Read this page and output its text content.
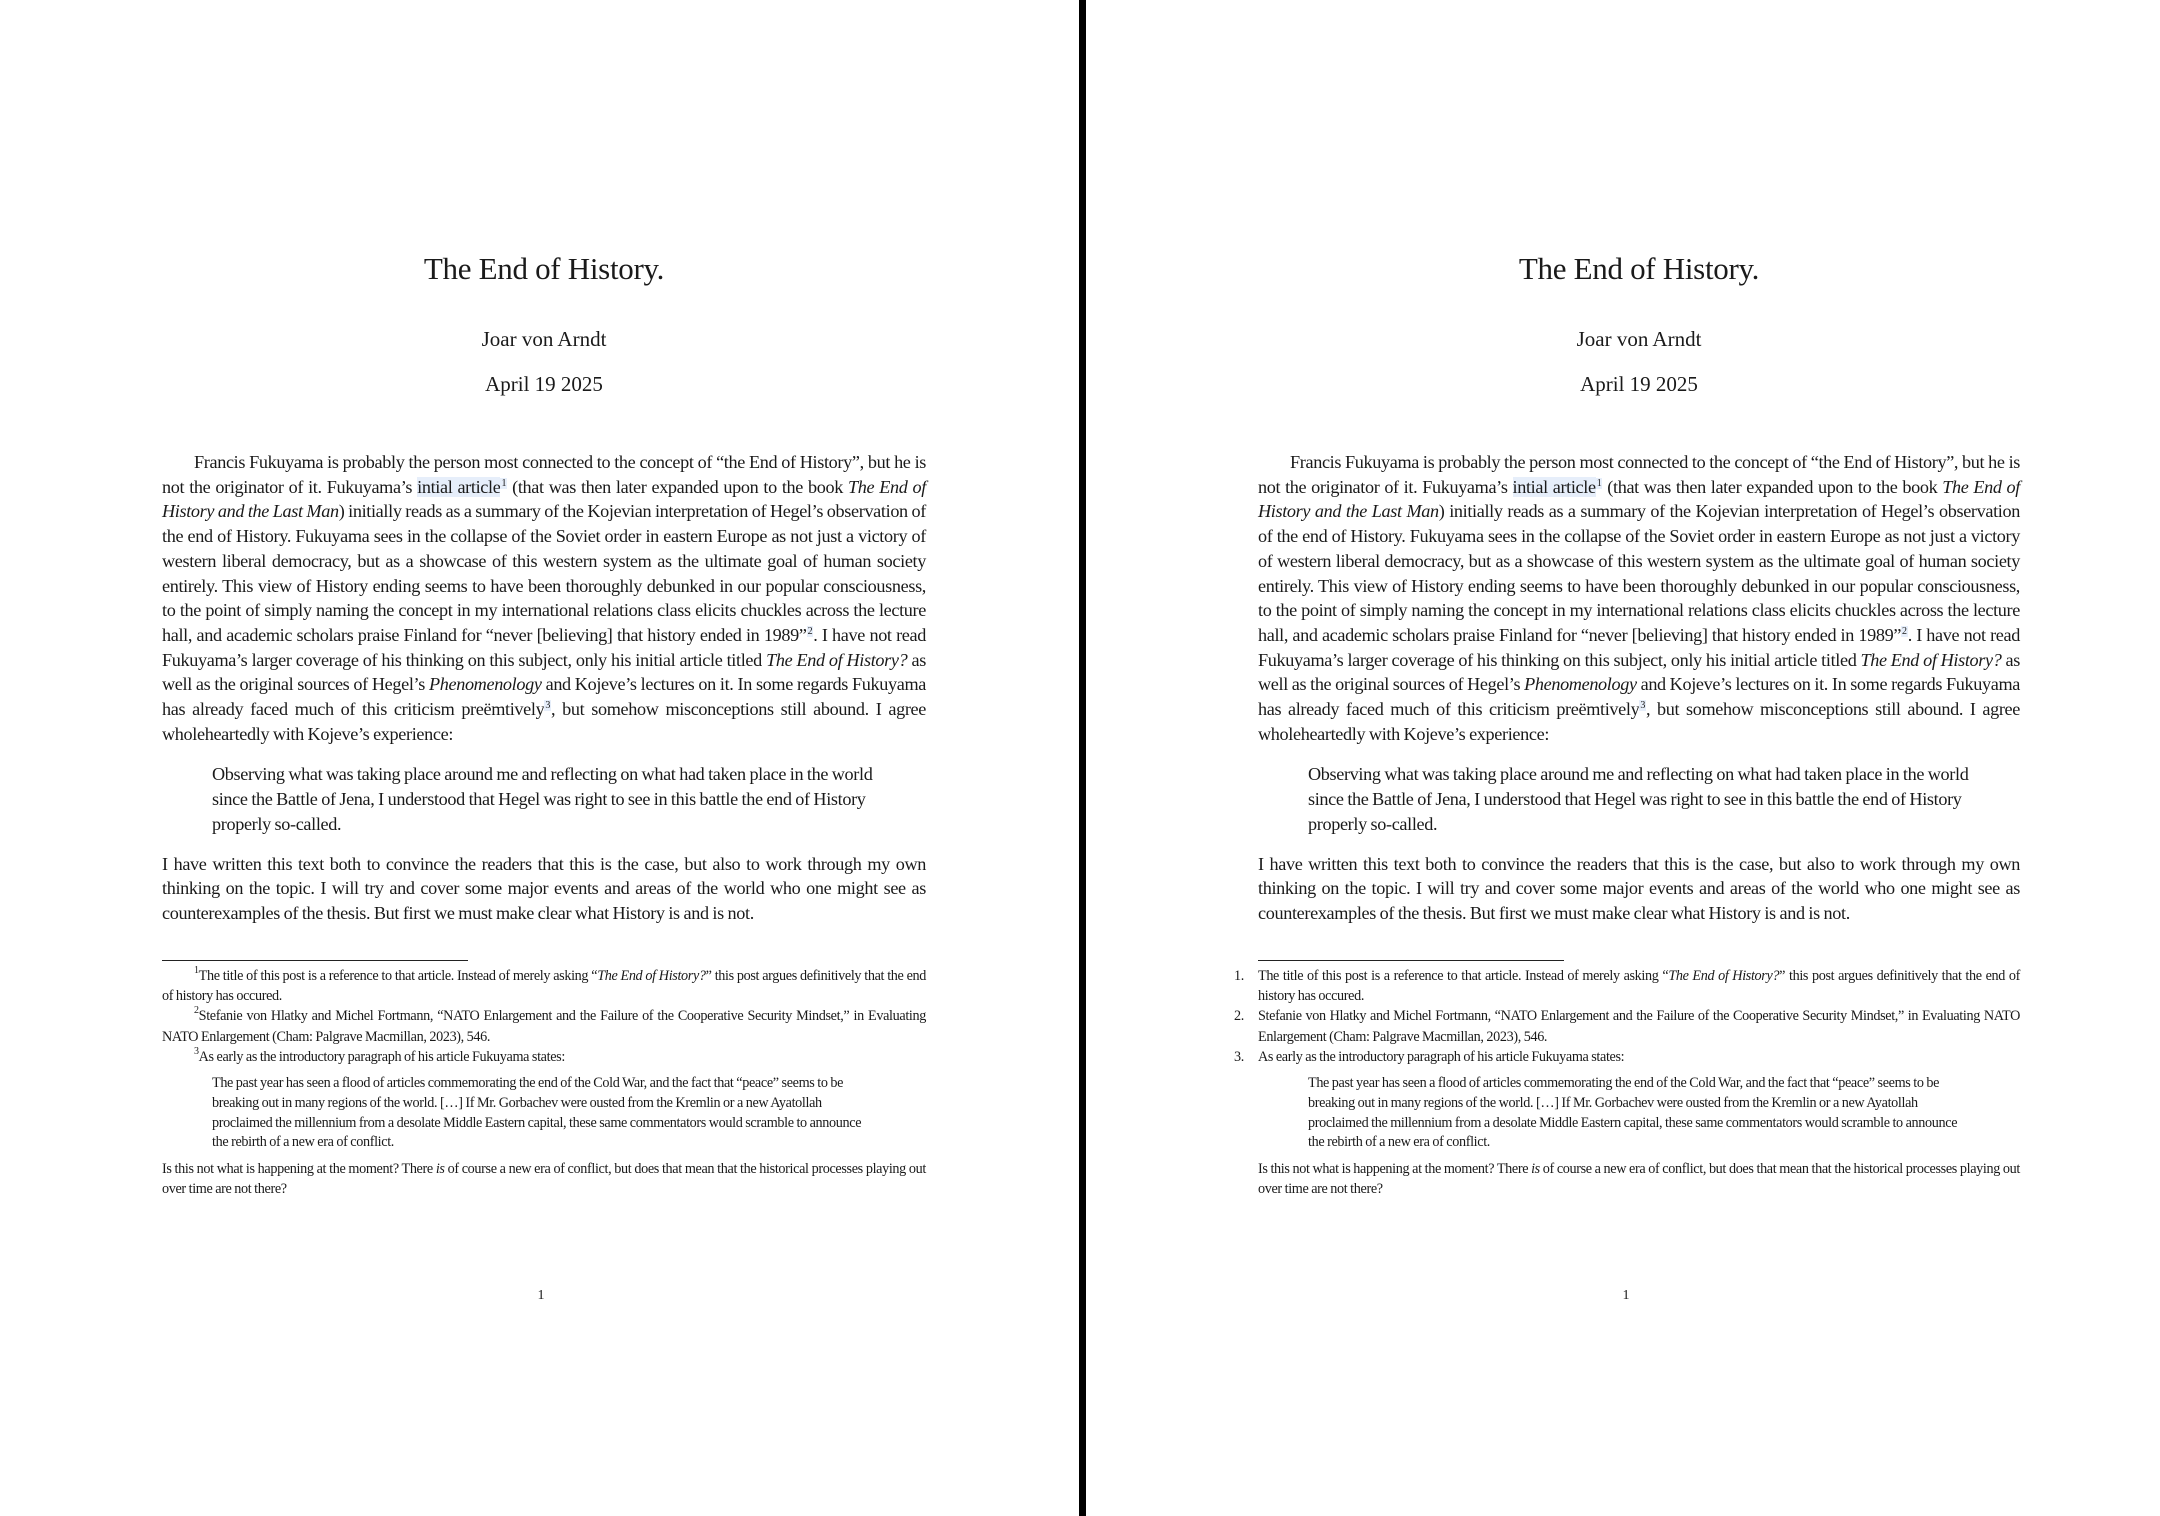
The End of History.
Joar von Arndt
April 19 2025

Francis Fukuyama is probably the person most connected to the concept of “the End of History”, but he is not the originator of it. Fukuyama’s intial article$^1$ (that was then later expanded upon to the book The End of History and the Last Man) initially reads as a summary of the Kojevian interpretation of Hegel’s observation of the end of History. Fukuyama sees in the collapse of the Soviet order in eastern Europe as not just a victory of western liberal democracy, but as a showcase of this western system as the ultimate goal of human society entirely. This view of History ending seems to have been thoroughly debunked in our popular consciousness, to the point of simply naming the concept in my international relations class elicits chuckles across the lecture hall, and academic scholars praise Finland for “never [believing] that history ended in 1989”$^2$. I have not read Fukuyama’s larger coverage of his thinking on this subject, only his initial article titled The End of History? as well as the original sources of Hegel’s Phenomenology and Kojeve’s lectures on it. In some regards Fukuyama has already faced much of this criticism preëmtively$^3$, but somehow misconceptions still abound. I agree wholeheartedly with Kojeve’s experience:

Observing what was taking place around me and reflecting on what had taken place in the world since the Battle of Jena, I understood that Hegel was right to see in this battle the end of History properly so-called.

I have written this text both to convince the readers that this is the case, but also to work through my own thinking on the topic. I will try and cover some major events and areas of the world who one might see as counterexamples of the thesis. But first we must make clear what History is and is not.

$^1$The title of this post is a reference to that article. Instead of merely asking “The End of History?” this post argues definitively that the end of history has occured.

$^2$Stefanie von Hlatky and Michel Fortmann, “NATO Enlargement and the Failure of the Cooperative Security Mindset,” in Evaluating NATO Enlargement (Cham: Palgrave Macmillan, 2023), 546.

$^3$As early as the introductory paragraph of his article Fukuyama states:

The past year has seen a flood of articles commemorating the end of the Cold War, and the fact that “peace” seems to be breaking out in many regions of the world. […] If Mr. Gorbachev were ousted from the Kremlin or a new Ayatollah proclaimed the millennium from a desolate Middle Eastern capital, these same commentators would scramble to announce the rebirth of a new era of conflict.

Is this not what is happening at the moment? There is of course a new era of conflict, but does that mean that the historical processes playing out over time are not there?

1
The End of History.
Joar von Arndt
April 19 2025

Francis Fukuyama is probably the person most connected to the concept of “the End of History”, but he is not the originator of it. Fukuyama’s intial article$^1$ (that was then later expanded upon to the book The End of History and the Last Man) initially reads as a summary of the Kojevian interpretation of Hegel’s observation of the end of History. Fukuyama sees in the collapse of the Soviet order in eastern Europe as not just a victory of western liberal democracy, but as a showcase of this western system as the ultimate goal of human society entirely. This view of History ending seems to have been thoroughly debunked in our popular consciousness, to the point of simply naming the concept in my international relations class elicits chuckles across the lecture hall, and academic scholars praise Finland for “never [believing] that history ended in 1989”$^2$. I have not read Fukuyama’s larger coverage of his thinking on this subject, only his initial article titled The End of History? as well as the original sources of Hegel’s Phenomenology and Kojeve’s lectures on it. In some regards Fukuyama has already faced much of this criticism preëmtively$^3$, but somehow misconceptions still abound. I agree wholeheartedly with Kojeve’s experience:

Observing what was taking place around me and reflecting on what had taken place in the world since the Battle of Jena, I understood that Hegel was right to see in this battle the end of History properly so-called.

I have written this text both to convince the readers that this is the case, but also to work through my own thinking on the topic. I will try and cover some major events and areas of the world who one might see as counterexamples of the thesis. But first we must make clear what History is and is not.

1. The title of this post is a reference to that article. Instead of merely asking “The End of History?” this post argues definitively that the end of history has occured.
2. Stefanie von Hlatky and Michel Fortmann, “NATO Enlargement and the Failure of the Cooperative Security Mindset,” in Evaluating NATO Enlargement (Cham: Palgrave Macmillan, 2023), 546.
3. As early as the introductory paragraph of his article Fukuyama states:

The past year has seen a flood of articles commemorating the end of the Cold War, and the fact that “peace” seems to be breaking out in many regions of the world. […] If Mr. Gorbachev were ousted from the Kremlin or a new Ayatollah proclaimed the millennium from a desolate Middle Eastern capital, these same commentators would scramble to announce the rebirth of a new era of conflict.

Is this not what is happening at the moment? There is of course a new era of conflict, but does that mean that the historical processes playing out over time are not there?

1
